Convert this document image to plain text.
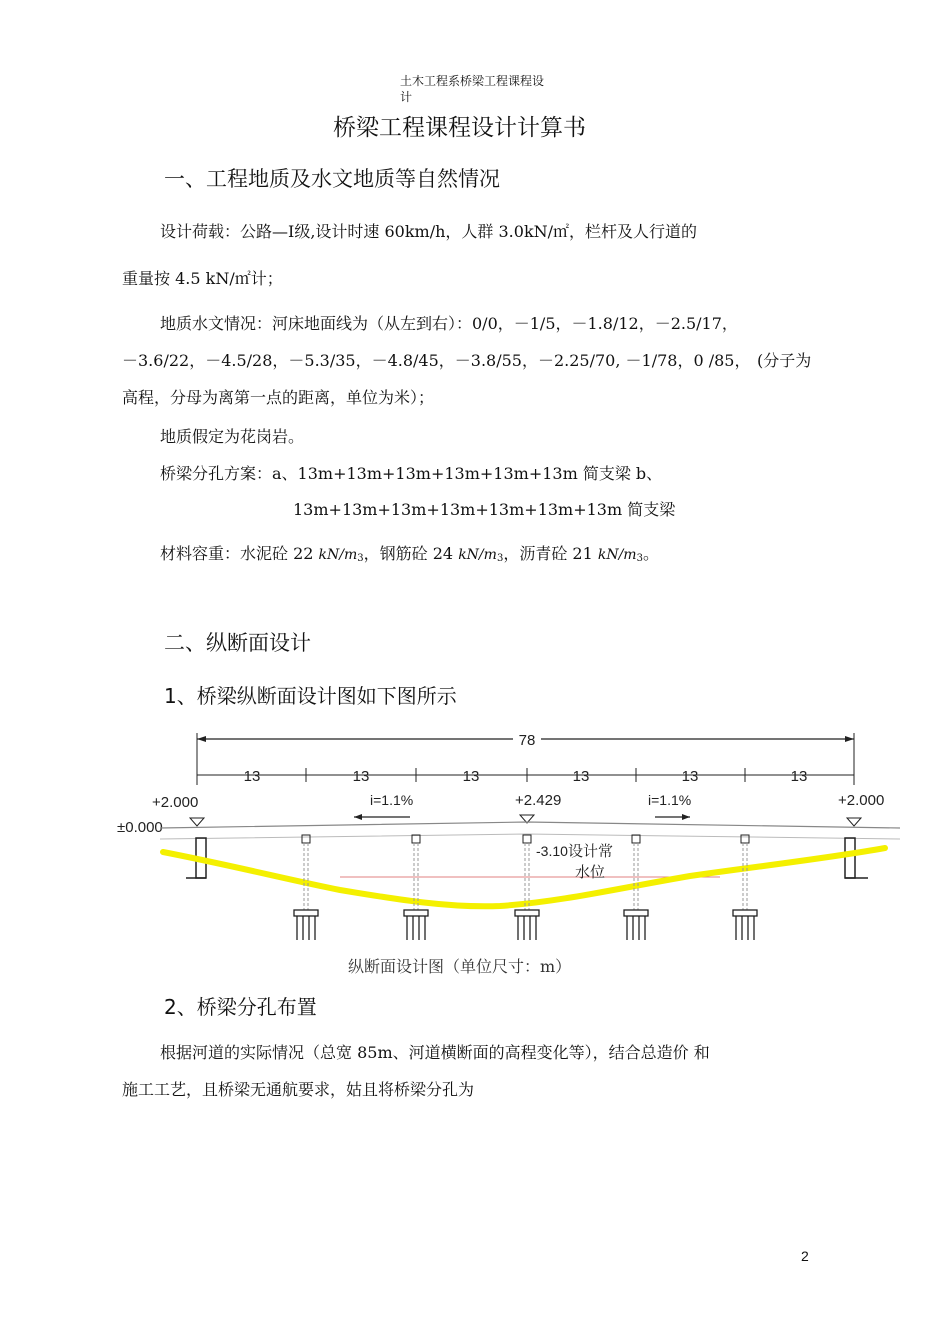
土木工程系桥梁工程课程设
计
桥梁工程课程设计计算书
一、工程地质及水文地质等自然情况
设计荷载：公路—Ⅰ级,设计时速 60km/h，人群 3.0kN/㎡，栏杆及人行道的
重量按 4.5 kN/㎡计；
地质水文情况：河床地面线为（从左到右）：0/0，－1/5，－1.8/12，－2.5/17，
－3.6/22，－4.5/28，－5.3/35，－4.8/45，－3.8/55，－2.25/70, －1/78，0 /85， (分子为
高程，分母为离第一点的距离，单位为米）；
地质假定为花岗岩。
桥梁分孔方案：a、13m+13m+13m+13m+13m+13m 简支梁 b、
13m+13m+13m+13m+13m+13m+13m 简支梁
材料容重：水泥砼 22 kN/m3，钢筋砼 24 kN/m3，沥青砼 21 kN/m3。
二、纵断面设计
1、桥梁纵断面设计图如下图所示
78
13	13	13	13	13	13
+2.000	+2.429	+2.000
±0.000
i=1.1%	i=1.1%
-3.10 设计常
水位
纵断面设计图（单位尺寸：m）
2、桥梁分孔布置
根据河道的实际情况（总宽 85m、河道横断面的高程变化等），结合总造价 和
施工工艺，且桥梁无通航要求，姑且将桥梁分孔为
2
